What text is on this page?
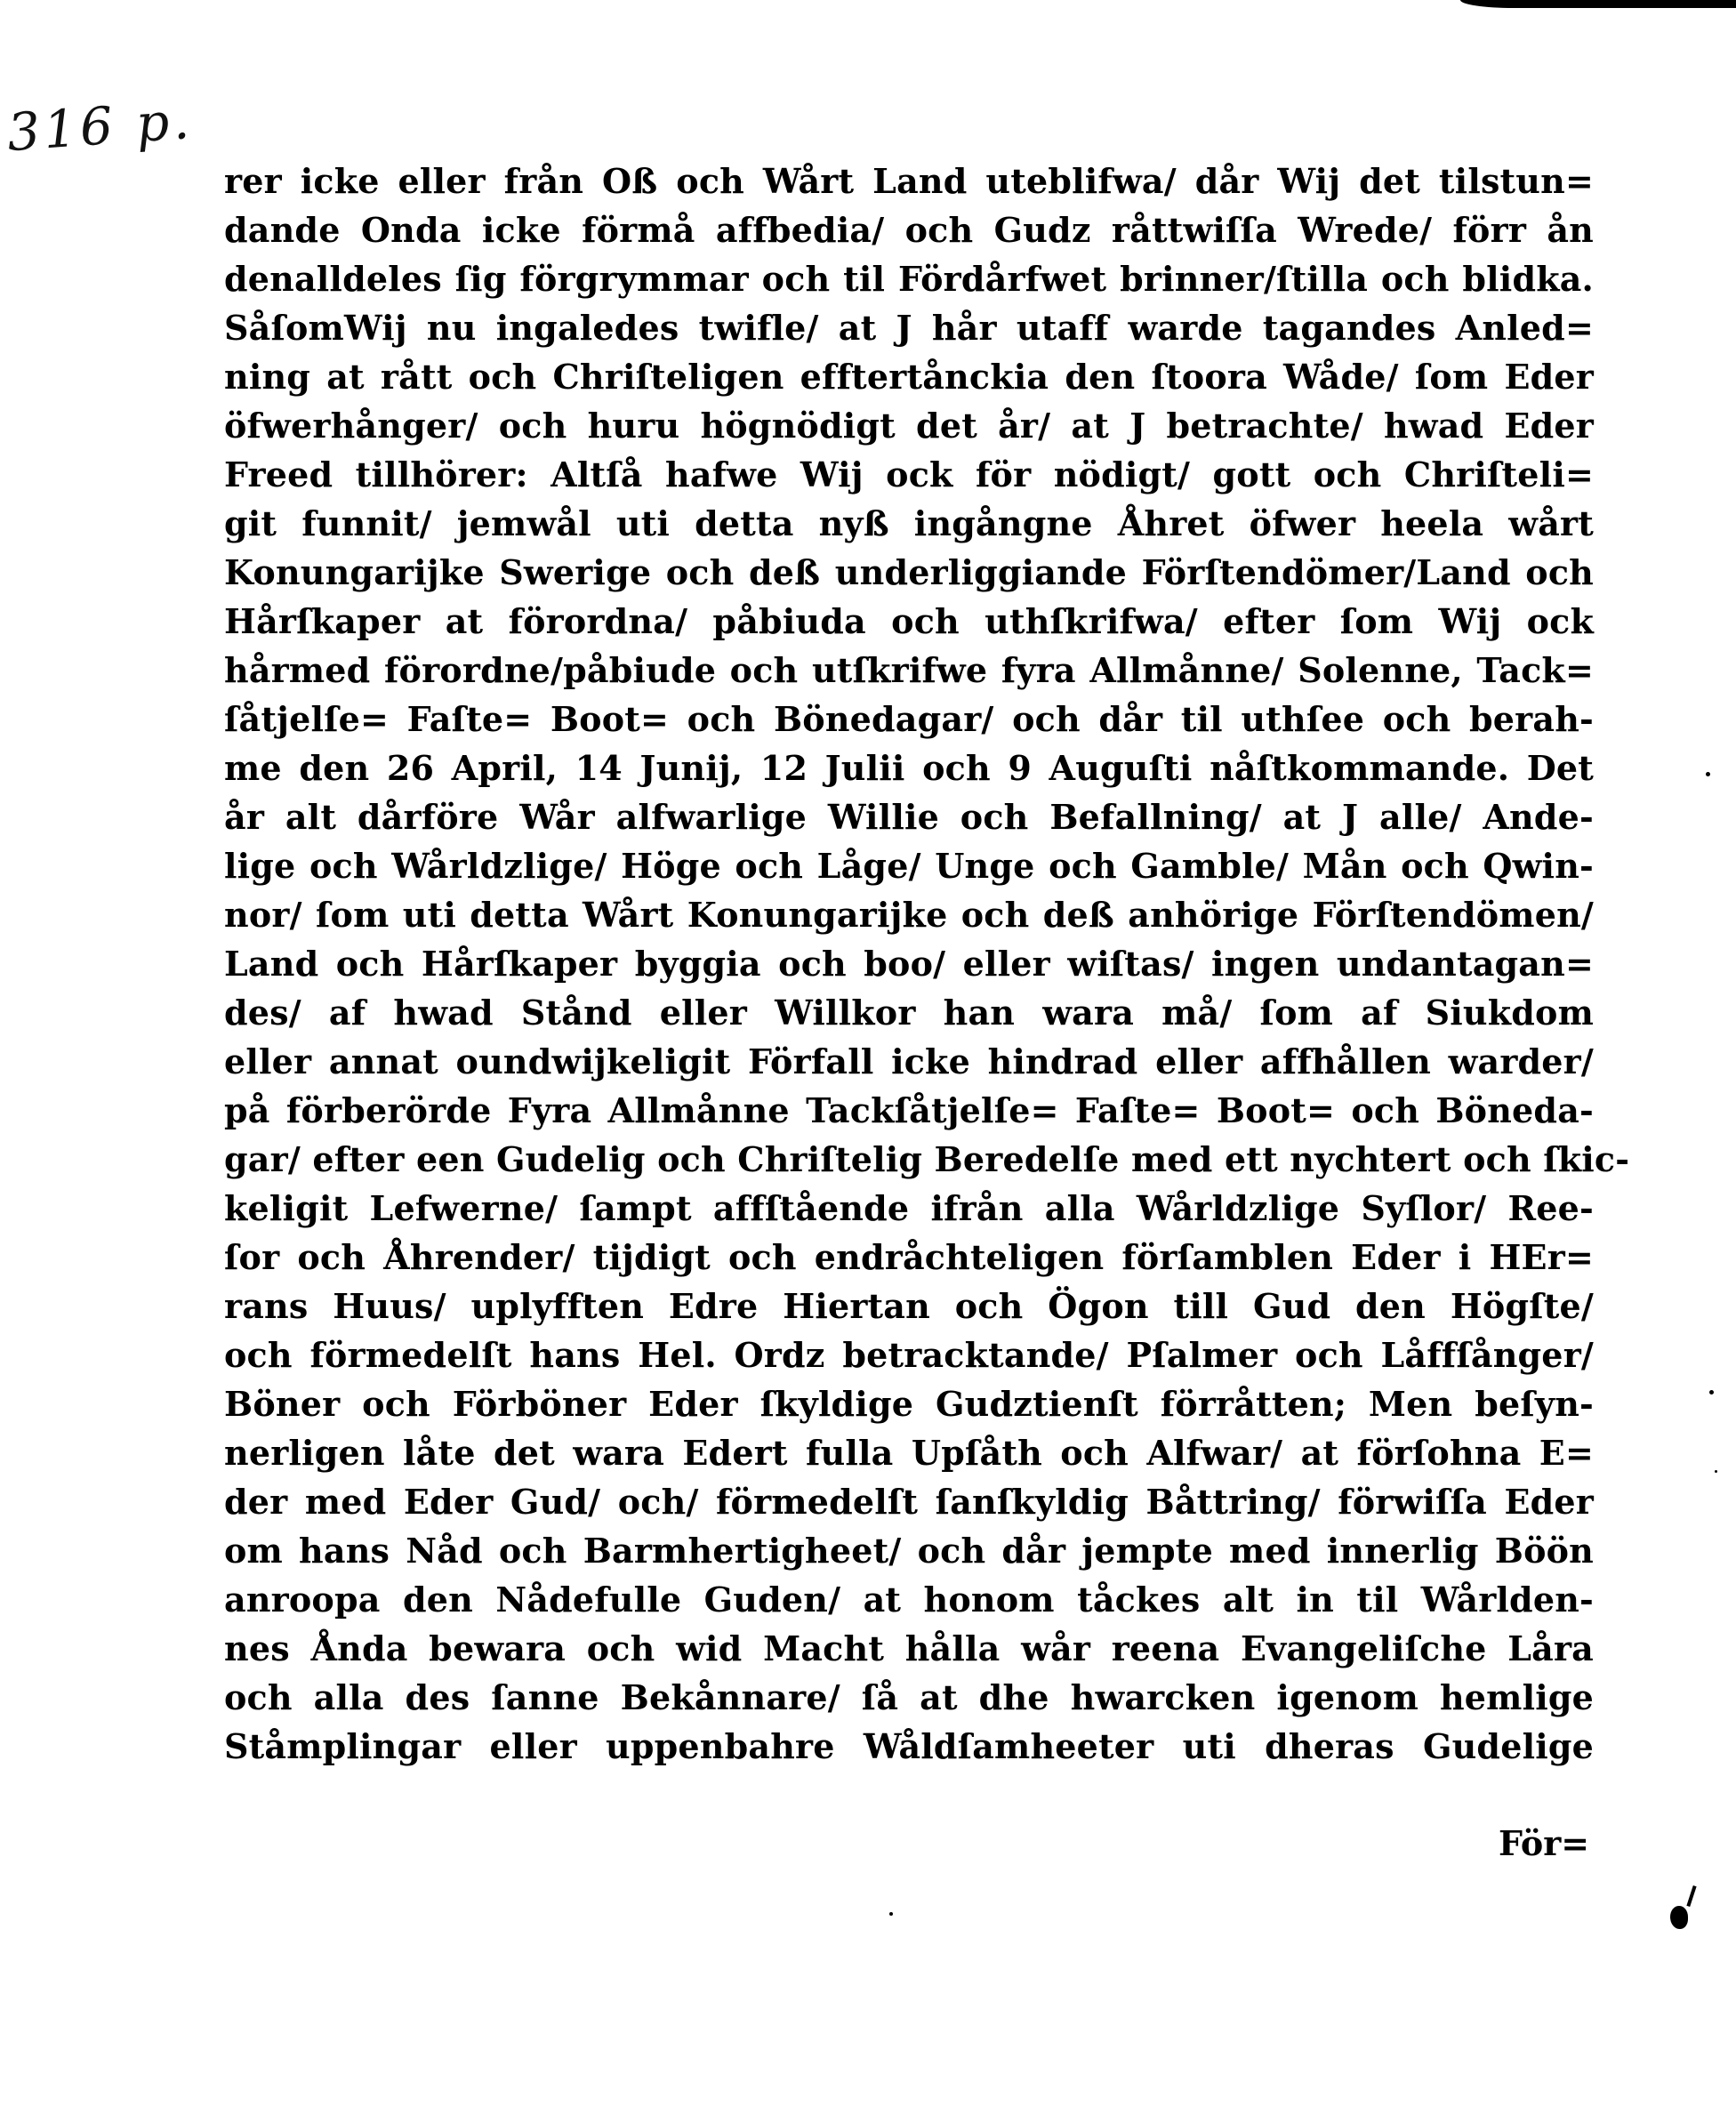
316 p.
rer icke eller från Oß och Wårt Land uteblifwa/ dår Wij det tilstun=
dande Onda icke förmå affbedia/ och Gudz råttwiſſa Wrede/ förr ån
denalldeles ſig förgrymmar och til Fördårfwet brinner/ſtilla och blidka.
SåſomWij nu ingaledes twifle/ at J hår utaff warde tagandes Anled=
ning at rått och Chriſteligen efftertånckia den ſtoora Wåde/ ſom Eder
öfwerhånger/ och huru högnödigt det år/ at J betrachte/ hwad Eder
Freed tillhörer: Altſå hafwe Wij ock för nödigt/ gott och Chriſteli=
git funnit/ jemwål uti detta nyß ingångne Åhret öfwer heela wårt
Konungarijke Swerige och deß underliggiande Förſtendömer/Land och
Hårſkaper at förordna/ påbiuda och uthſkrifwa/ efter ſom Wij ock
hårmed förordne/påbiude och utſkrifwe fyra Allmånne/ Solenne, Tack=
ſåtjelſe= Faſte= Boot= och Bönedagar/ och dår til uthſee och berah-
me den 26 April, 14 Junij, 12 Julii och 9 Auguſti nåſtkommande. Det
år alt dårföre Wår alfwarlige Willie och Befallning/ at J alle/ Ande-
lige och Wårldzlige/ Höge och Låge/ Unge och Gamble/ Mån och Qwin-
nor/ ſom uti detta Wårt Konungarijke och deß anhörige Förſtendömen/
Land och Hårſkaper byggia och boo/ eller wiſtas/ ingen undantagan=
des/ af hwad Stånd eller Willkor han wara må/ ſom af Siukdom
eller annat oundwijkeligit Förfall icke hindrad eller affhållen warder/
på förberörde Fyra Allmånne Tackſåtjelſe= Faſte= Boot= och Böneda-
gar/ efter een Gudelig och Chriſtelig Beredelſe med ett nychtert och ſkic-
keligit Lefwerne/ ſampt affſtående ifrån alla Wårldzlige Syſlor/ Ree-
ſor och Åhrender/ tijdigt och endråchteligen förſamblen Eder i HEr=
rans Huus/ uplyfften Edre Hiertan och Ögon till Gud den Högſte/
och förmedelſt hans Hel. Ordz betracktande/ Pſalmer och Låffſånger/
Böner och Förböner Eder ſkyldige Gudztienſt förråtten; Men beſyn-
nerligen låte det wara Edert fulla Upſåth och Alfwar/ at förſohna E=
der med Eder Gud/ och/ förmedelſt ſanſkyldig Båttring/ förwiſſa Eder
om hans Nåd och Barmhertigheet/ och dår jempte med innerlig Böön
anroopa den Nådefulle Guden/ at honom tåckes alt in til Wårlden-
nes Ånda bewara och wid Macht hålla wår reena Evangeliſche Låra
och alla des ſanne Bekånnare/ ſå at dhe hwarcken igenom hemlige
Ståmplingar eller uppenbahre Wåldſamheeter uti dheras Gudelige
För=
